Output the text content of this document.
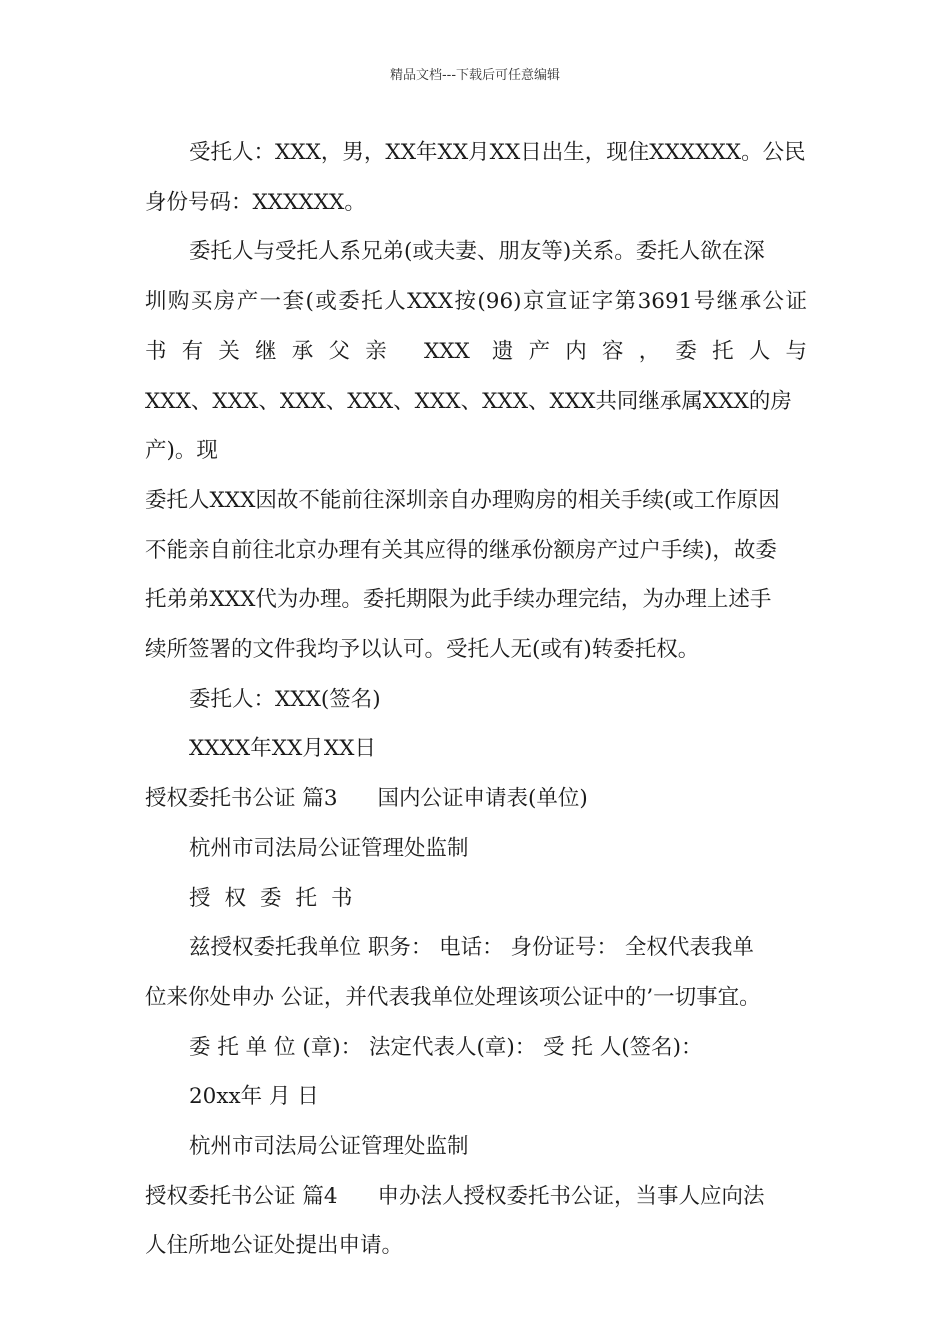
精品文档---下载后可任意编辑

受托人：XXX，男，XX年XX月XX日出生，现住XXXXXX。公民

身份号码：XXXXXX。

委托人与受托人系兄弟(或夫妻、朋友等)关系。委托人欲在深

圳购买房产一套(或委托人XXX按(96)京宣证字第3691号继承公证

书有关继承父亲 XXX 遗产内容，委托人与

XXX、XXX、XXX、XXX、XXX、XXX、XXX共同继承属XXX的房产)。现

委托人XXX因故不能前往深圳亲自办理购房的相关手续(或工作原因

不能亲自前往北京办理有关其应得的继承份额房产过户手续)，故委

托弟弟XXX代为办理。委托期限为此手续办理完结，为办理上述手

续所签署的文件我均予以认可。受托人无(或有)转委托权。

委托人：XXX(签名)

XXXX年XX月XX日

授权委托书公证 篇3 国内公证申请表(单位)

杭州市司法局公证管理处监制

授权委托书

兹授权委托我单位 职务： 电话： 身份证号： 全权代表我单

位来你处申办 公证，并代表我单位处理该项公证中的’一切事宜。

委 托 单 位 (章)： 法定代表人(章)： 受 托 人(签名)：

20xx年 月 日

杭州市司法局公证管理处监制

授权委托书公证 篇4 申办法人授权委托书公证，当事人应向法

人住所地公证处提出申请。
